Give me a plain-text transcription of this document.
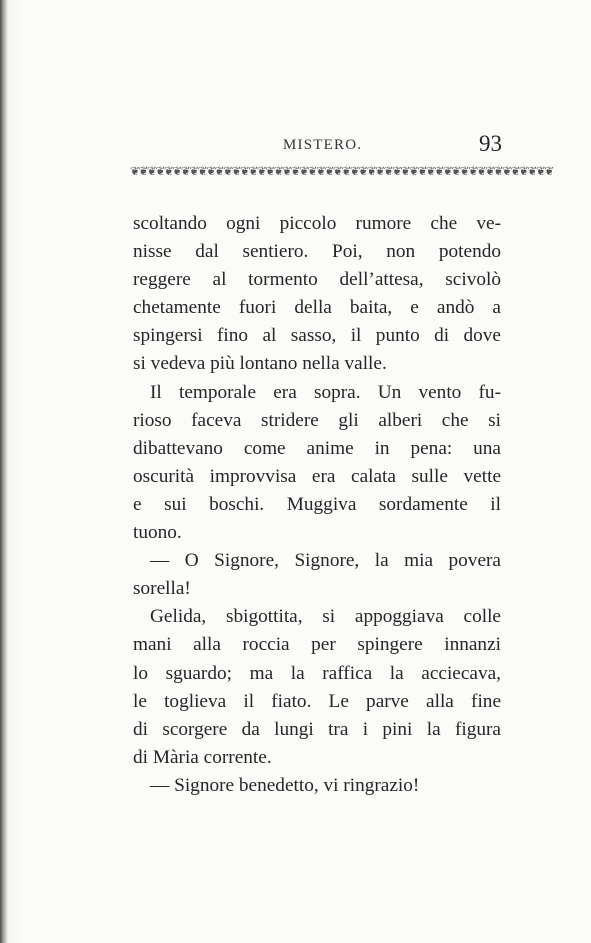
MISTERO.	93
❦❦❦❦❦❦❦❦❦❦❦❦❦❦❦❦❦❦❦❦❦❦❦❦❦❦❦❦❦❦❦❦❦❦❦❦❦❦❦❦❦❦❦❦❦❦❦❦❦❦
scoltando ogni piccolo rumore che ve-
nisse dal sentiero. Poi, non potendo
reggere al tormento dell’attesa, scivolò
chetamente fuori della baita, e andò a
spingersi fino al sasso, il punto di dove
si vedeva più lontano nella valle.
Il temporale era sopra. Un vento fu-
rioso faceva stridere gli alberi che si
dibattevano come anime in pena: una
oscurità improvvisa era calata sulle vette
e sui boschi. Muggiva sordamente il
tuono.
— O Signore, Signore, la mia povera
sorella!
Gelida, sbigottita, si appoggiava colle
mani alla roccia per spingere innanzi
lo sguardo; ma la raffica la acciecava,
le toglieva il fiato. Le parve alla fine
di scorgere da lungi tra i pini la figura
di Mària corrente.
— Signore benedetto, vi ringrazio!
